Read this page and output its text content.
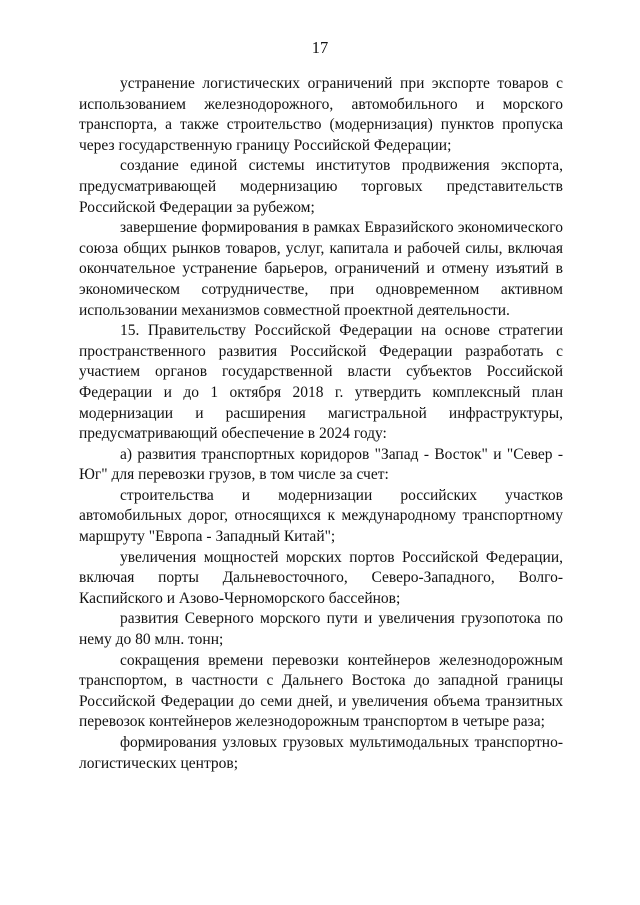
17

устранение логистических ограничений при экспорте товаров с использованием железнодорожного, автомобильного и морского транспорта, а также строительство (модернизация) пунктов пропуска через государственную границу Российской Федерации;

создание единой системы институтов продвижения экспорта, предусматривающей модернизацию торговых представительств Российской Федерации за рубежом;

завершение формирования в рамках Евразийского экономического союза общих рынков товаров, услуг, капитала и рабочей силы, включая окончательное устранение барьеров, ограничений и отмену изъятий в экономическом сотрудничестве, при одновременном активном использовании механизмов совместной проектной деятельности.

15. Правительству Российской Федерации на основе стратегии пространственного развития Российской Федерации разработать с участием органов государственной власти субъектов Российской Федерации и до 1 октября 2018 г. утвердить комплексный план модернизации и расширения магистральной инфраструктуры, предусматривающий обеспечение в 2024 году:

а) развития транспортных коридоров "Запад - Восток" и "Север - Юг" для перевозки грузов, в том числе за счет:

строительства и модернизации российских участков автомобильных дорог, относящихся к международному транспортному маршруту "Европа - Западный Китай";

увеличения мощностей морских портов Российской Федерации, включая порты Дальневосточного, Северо-Западного, Волго-Каспийского и Азово-Черноморского бассейнов;

развития Северного морского пути и увеличения грузопотока по нему до 80 млн. тонн;

сокращения времени перевозки контейнеров железнодорожным транспортом, в частности с Дальнего Востока до западной границы Российской Федерации до семи дней, и увеличения объема транзитных перевозок контейнеров железнодорожным транспортом в четыре раза;

формирования узловых грузовых мультимодальных транспортно-логистических центров;
